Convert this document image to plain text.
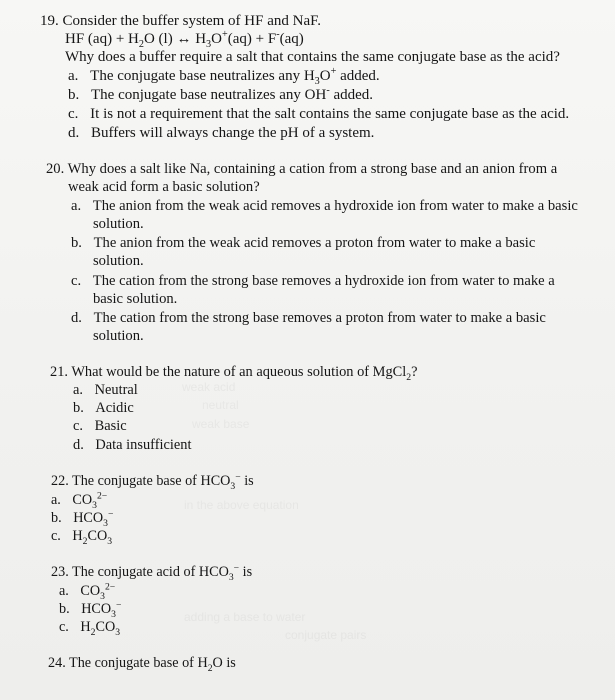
weak acid
neutral
weak base
in the above equation
adding a base to water
conjugate pairs
19. Consider the buffer system of HF and NaF.
HF $(aq) + H_2O$ (l) ↔ $H_3O^+(aq) + F^-(aq)$
Why does a buffer require a salt that contains the same conjugate base as the acid?
a. The conjugate base neutralizes any $H_3O^+$ added.
b. The conjugate base neutralizes any OH- added.
c. It is not a requirement that the salt contains the same conjugate base as the acid.
d. Buffers will always change the pH of a system.
20. Why does a salt like Na, containing a cation from a strong base and an anion from a
weak acid form a basic solution?
a. The anion from the weak acid removes a hydroxide ion from water to make a basic
solution.
b. The anion from the weak acid removes a proton from water to make a basic
solution.
c. The cation from the strong base removes a hydroxide ion from water to make a
basic solution.
d. The cation from the strong base removes a proton from water to make a basic
solution.
21. What would be the nature of an aqueous solution of MgCl$_2$?
a. Neutral
b. Acidic
c. Basic
d. Data insufficient
22. The conjugate base of $HCO_3^-$ is
a. $CO_3^{2-}$
b. $HCO_3^-$
c. $H_2CO_3$
23. The conjugate acid of $HCO_3^-$ is
a. $CO_3^{2-}$
b. $HCO_3^-$
c. $H_2CO_3$
24. The conjugate base of $H_2O$ is
